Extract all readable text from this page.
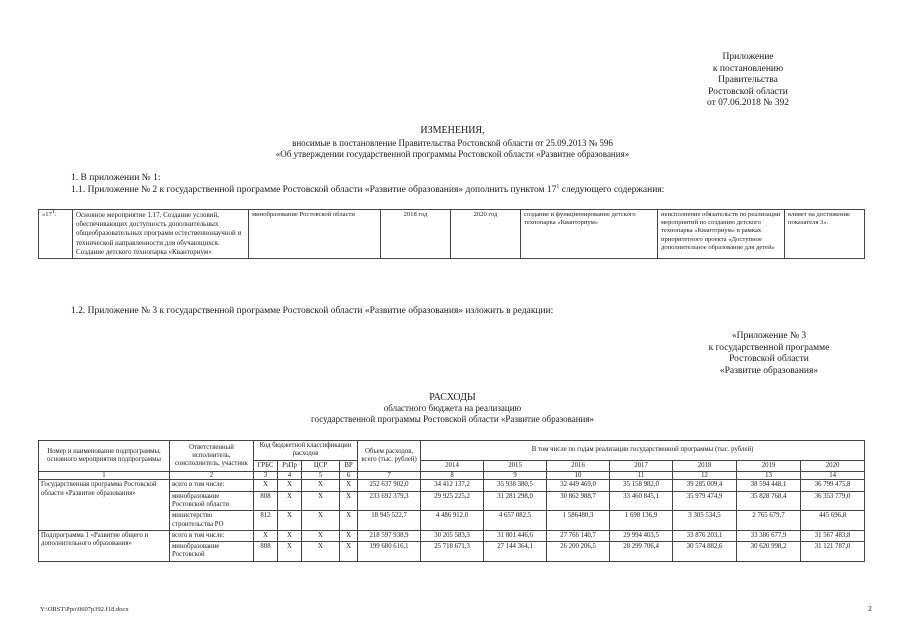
Приложение
к постановлению
Правительства
Ростовской области
от 07.06.2018 № 392
ИЗМЕНЕНИЯ,
вносимые в постановление Правительства Ростовской области от 25.09.2013 № 596
«Об утверждении государственной программы Ростовской области «Развитие образования»
1. В приложении № 1:
1.1. Приложение № 2 к государственной программе Ростовской области «Развитие образования» дополнить пунктом $17^1$ следующего содержания:
«$17^1$.	Основное мероприятие 1.17. Создание условий, обеспечивающих доступность дополнительных общеобразовательных программ естественнонаучной и технической направленности для обучающихся. Создание детского технопарка «Кванториум»	минобразование Ростовской области	2018 год	2020 год	создание и функционирование детского технопарка «Кванториум»	неисполнение обязательств по реализации мероприятий по созданию детского технопарка «Кванториум» в рамках приоритетного проекта «Доступное дополнительное образование для детей»	влияет на достижение показателя 3».
1.2. Приложение № 3 к государственной программе Ростовской области «Развитие образования» изложить в редакции:
«Приложение № 3
к государственной программе
Ростовской области
«Развитие образования»
РАСХОДЫ
областного бюджета на реализацию
государственной программы Ростовской области «Развитие образования»
Номер и наименование подпрограммы, основного мероприятия подпрограммы	Ответственный исполнитель, соисполнитель, участник	Код бюджетной классификации расходов				Объем расходов, всего (тыс. рублей)	В том числе по годам реализации государственной программы (тыс. рублей)						
		ГРБС	РзПр	ЦСР	ВР		2014	2015	2016	2017	2018	2019	2020
1	2	3	4	5	6	7	8	9	10	11	12	13	14
Государственная программа Ростовской области «Развитие образования»	всего в том числе:	X	X	X	X	252 637 902,0	34 412 137,2	35 938 380,5	32 449 469,0	35 158 982,0	39 285 009,4	38 594 448,1	36 799 475,8
	минобразование Ростовской области	808	X	X	X	233 692 379,3	29 925 225,2	31 281 298,0	30 862 988,7	33 460 845,1	35 979 474,9	35 828 768,4	36 353 779,0
	министерство строительства РО	812	X	X	X	18 945 522,7	4 486 912,0	4 657 082,5	1 586480,3	1 698 136,9	3 305 534,5	2 765 679,7	445 696,8
Подпрограмма 1 «Развитие общего и дополнительного образования»	всего в том числе:	X	X	X	X	218 597 938,9	30 205 583,3	31 801 446,6	27 766 140,7	29 994 403,5	33 876 203,1	33 386 677,9	31 567 483,8
	минобразование Ростовской	808	X	X	X	199 680 616,1	25 718 671,3	27 144 364,1	26 200 206,5	28 299 706,4	30 574 882,6	30 620 998,2	31 121 787,0
Y:\ORST\Ppo\0607p392.f18.docx	2
